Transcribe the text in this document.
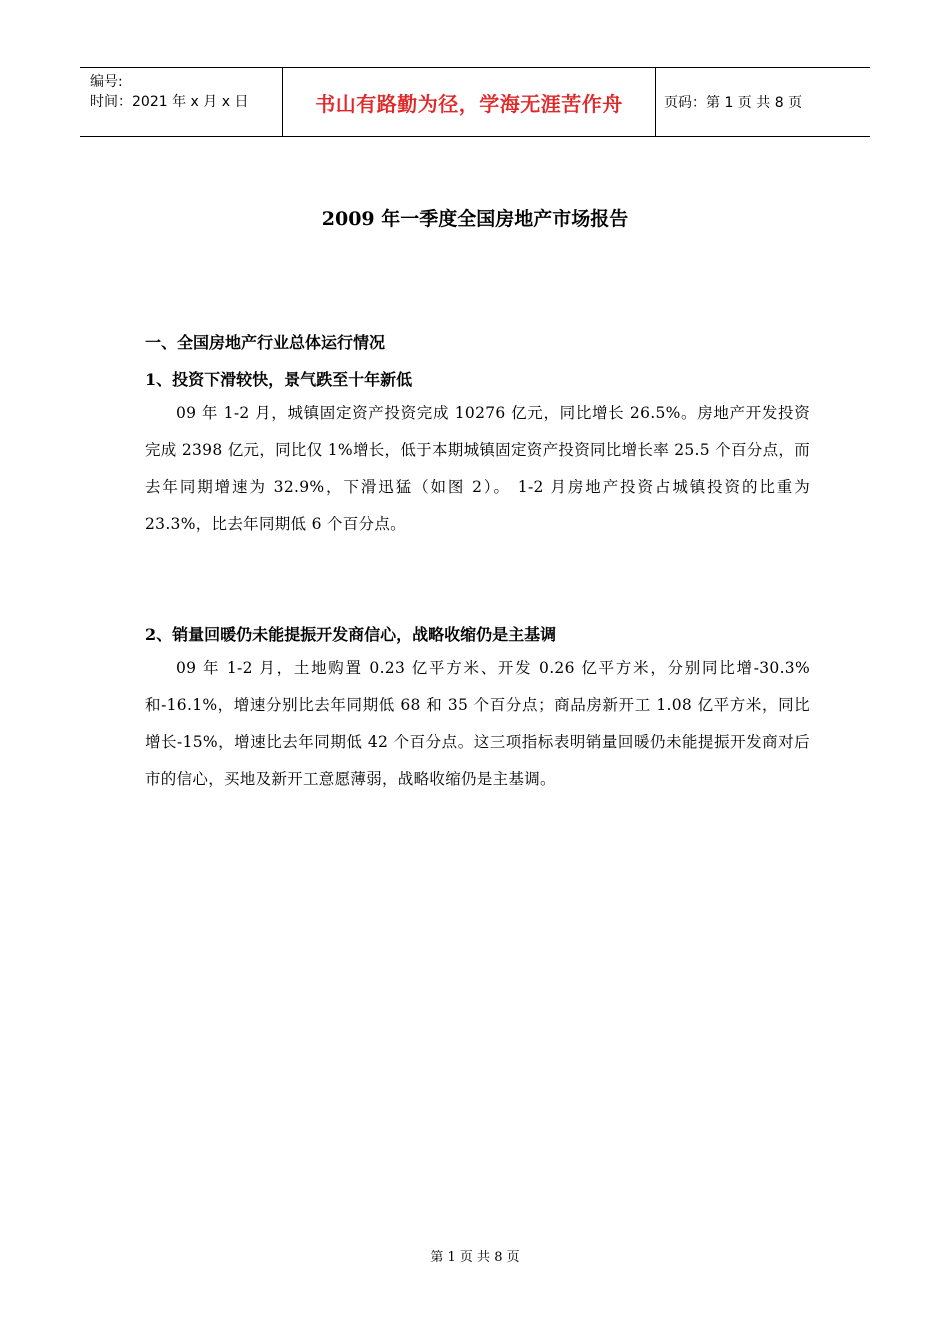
编号:
时间：2021 年 x 月 x 日	书山有路勤为径，学海无涯苦作舟	页码：第 1 页 共 8 页
2009 年一季度全国房地产市场报告
一、全国房地产行业总体运行情况
1、投资下滑较快，景气跌至十年新低
09 年 1-2 月，城镇固定资产投资完成 10276 亿元，同比增长 26.5%。房地产开发投资完成 2398 亿元，同比仅 1%增长，低于本期城镇固定资产投资同比增长率 25.5 个百分点，而去年同期增速为 32.9%，下滑迅猛（如图 2）。 1-2 月房地产投资占城镇投资的比重为 23.3%，比去年同期低 6 个百分点。
2、销量回暖仍未能提振开发商信心，战略收缩仍是主基调
09 年 1-2 月，土地购置 0.23 亿平方米、开发 0.26 亿平方米，分别同比增-30.3%和-16.1%，增速分别比去年同期低 68 和 35 个百分点；商品房新开工 1.08 亿平方米，同比增长-15%，增速比去年同期低 42 个百分点。这三项指标表明销量回暖仍未能提振开发商对后市的信心，买地及新开工意愿薄弱，战略收缩仍是主基调。
第 1 页 共 8 页
